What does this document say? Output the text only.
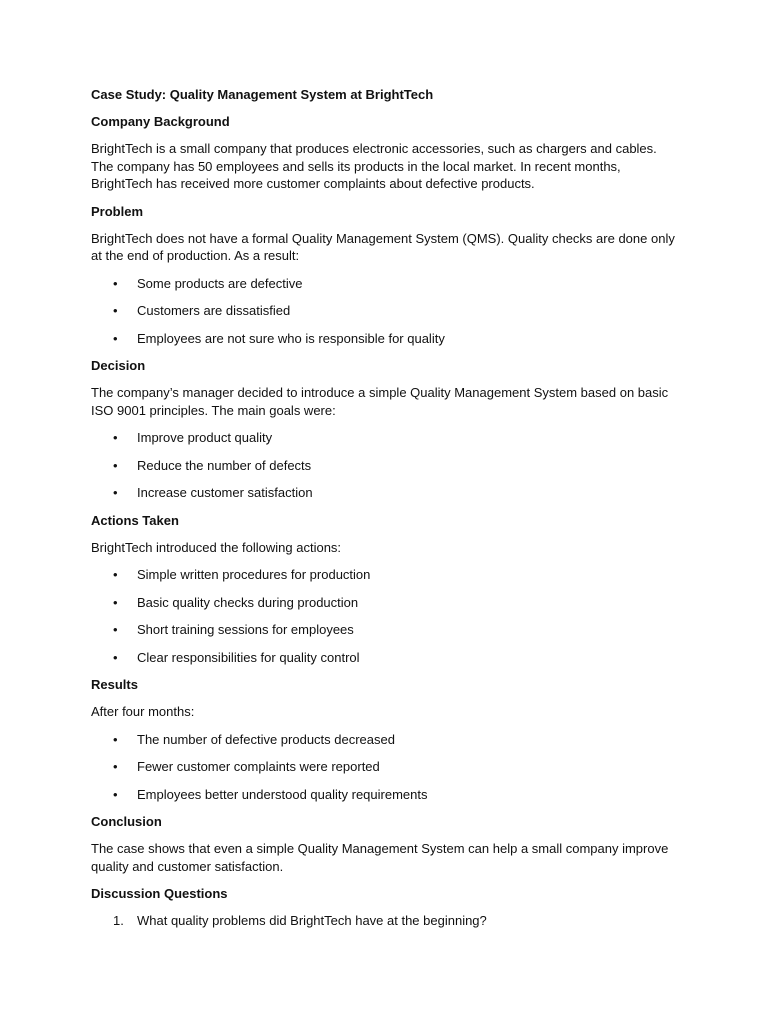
Case Study: Quality Management System at BrightTech
Company Background
BrightTech is a small company that produces electronic accessories, such as chargers and cables. The company has 50 employees and sells its products in the local market. In recent months, BrightTech has received more customer complaints about defective products.
Problem
BrightTech does not have a formal Quality Management System (QMS). Quality checks are done only at the end of production. As a result:
• Some products are defective
• Customers are dissatisfied
• Employees are not sure who is responsible for quality
Decision
The company’s manager decided to introduce a simple Quality Management System based on basic ISO 9001 principles. The main goals were:
• Improve product quality
• Reduce the number of defects
• Increase customer satisfaction
Actions Taken
BrightTech introduced the following actions:
• Simple written procedures for production
• Basic quality checks during production
• Short training sessions for employees
• Clear responsibilities for quality control
Results
After four months:
• The number of defective products decreased
• Fewer customer complaints were reported
• Employees better understood quality requirements
Conclusion
The case shows that even a simple Quality Management System can help a small company improve quality and customer satisfaction.
Discussion Questions
1. What quality problems did BrightTech have at the beginning?
